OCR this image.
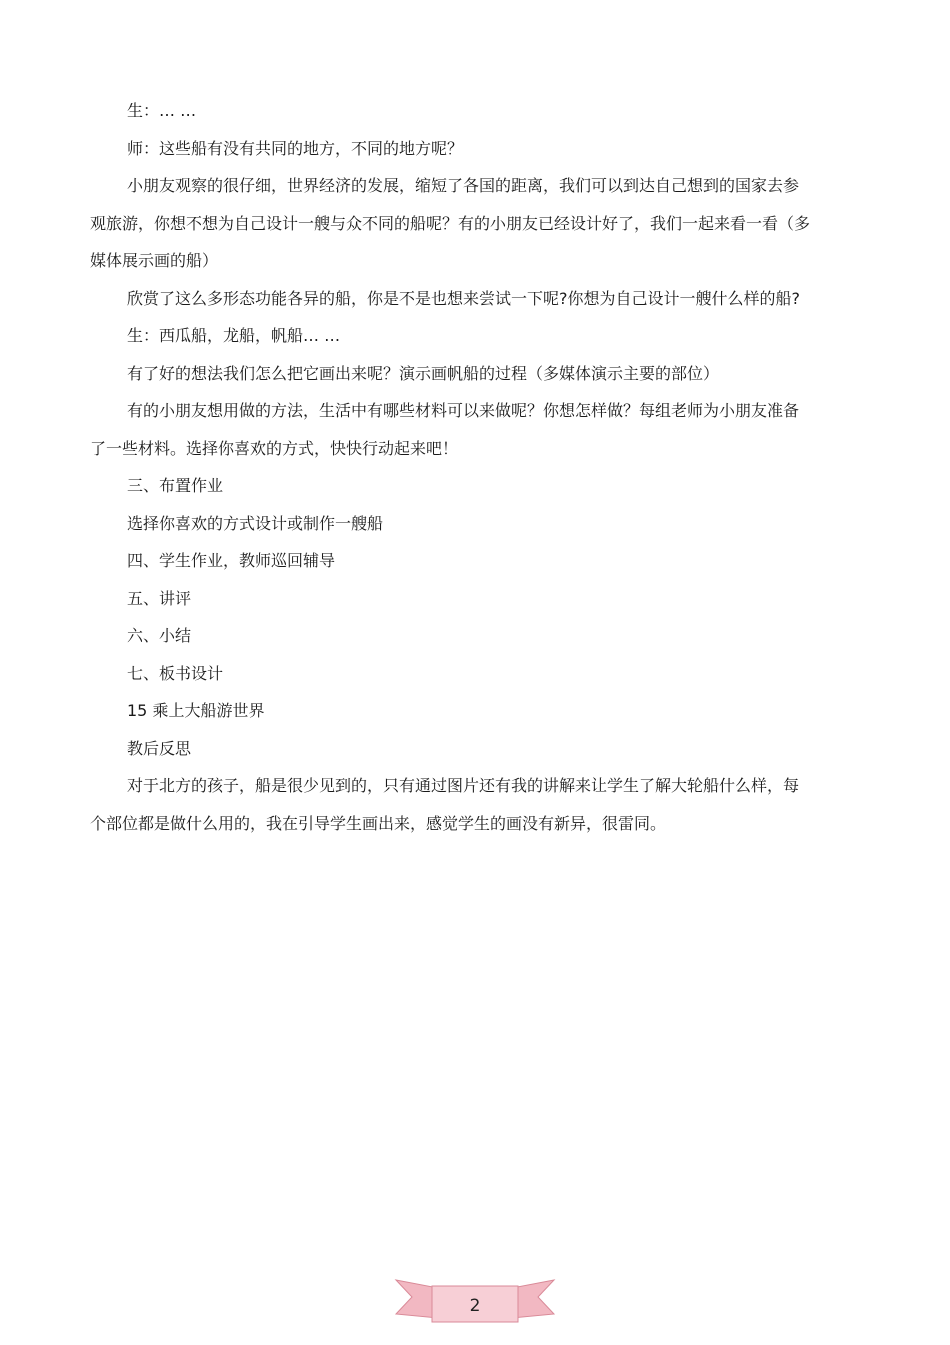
生：… …

师：这些船有没有共同的地方，不同的地方呢？

小朋友观察的很仔细，世界经济的发展，缩短了各国的距离，我们可以到达自己想到的国家去参观旅游，你想不想为自己设计一艘与众不同的船呢？有的小朋友已经设计好了，我们一起来看一看（多媒体展示画的船）

欣赏了这么多形态功能各异的船，你是不是也想来尝试一下呢?你想为自己设计一艘什么样的船?

生：西瓜船，龙船，帆船… …

有了好的想法我们怎么把它画出来呢？演示画帆船的过程（多媒体演示主要的部位）

有的小朋友想用做的方法，生活中有哪些材料可以来做呢？你想怎样做？每组老师为小朋友准备了一些材料。选择你喜欢的方式，快快行动起来吧！

三、布置作业

选择你喜欢的方式设计或制作一艘船

四、学生作业，教师巡回辅导

五、讲评

六、小结

七、板书设计

15 乘上大船游世界

教后反思

对于北方的孩子，船是很少见到的，只有通过图片还有我的讲解来让学生了解大轮船什么样，每个部位都是做什么用的，我在引导学生画出来，感觉学生的画没有新异，很雷同。

2
